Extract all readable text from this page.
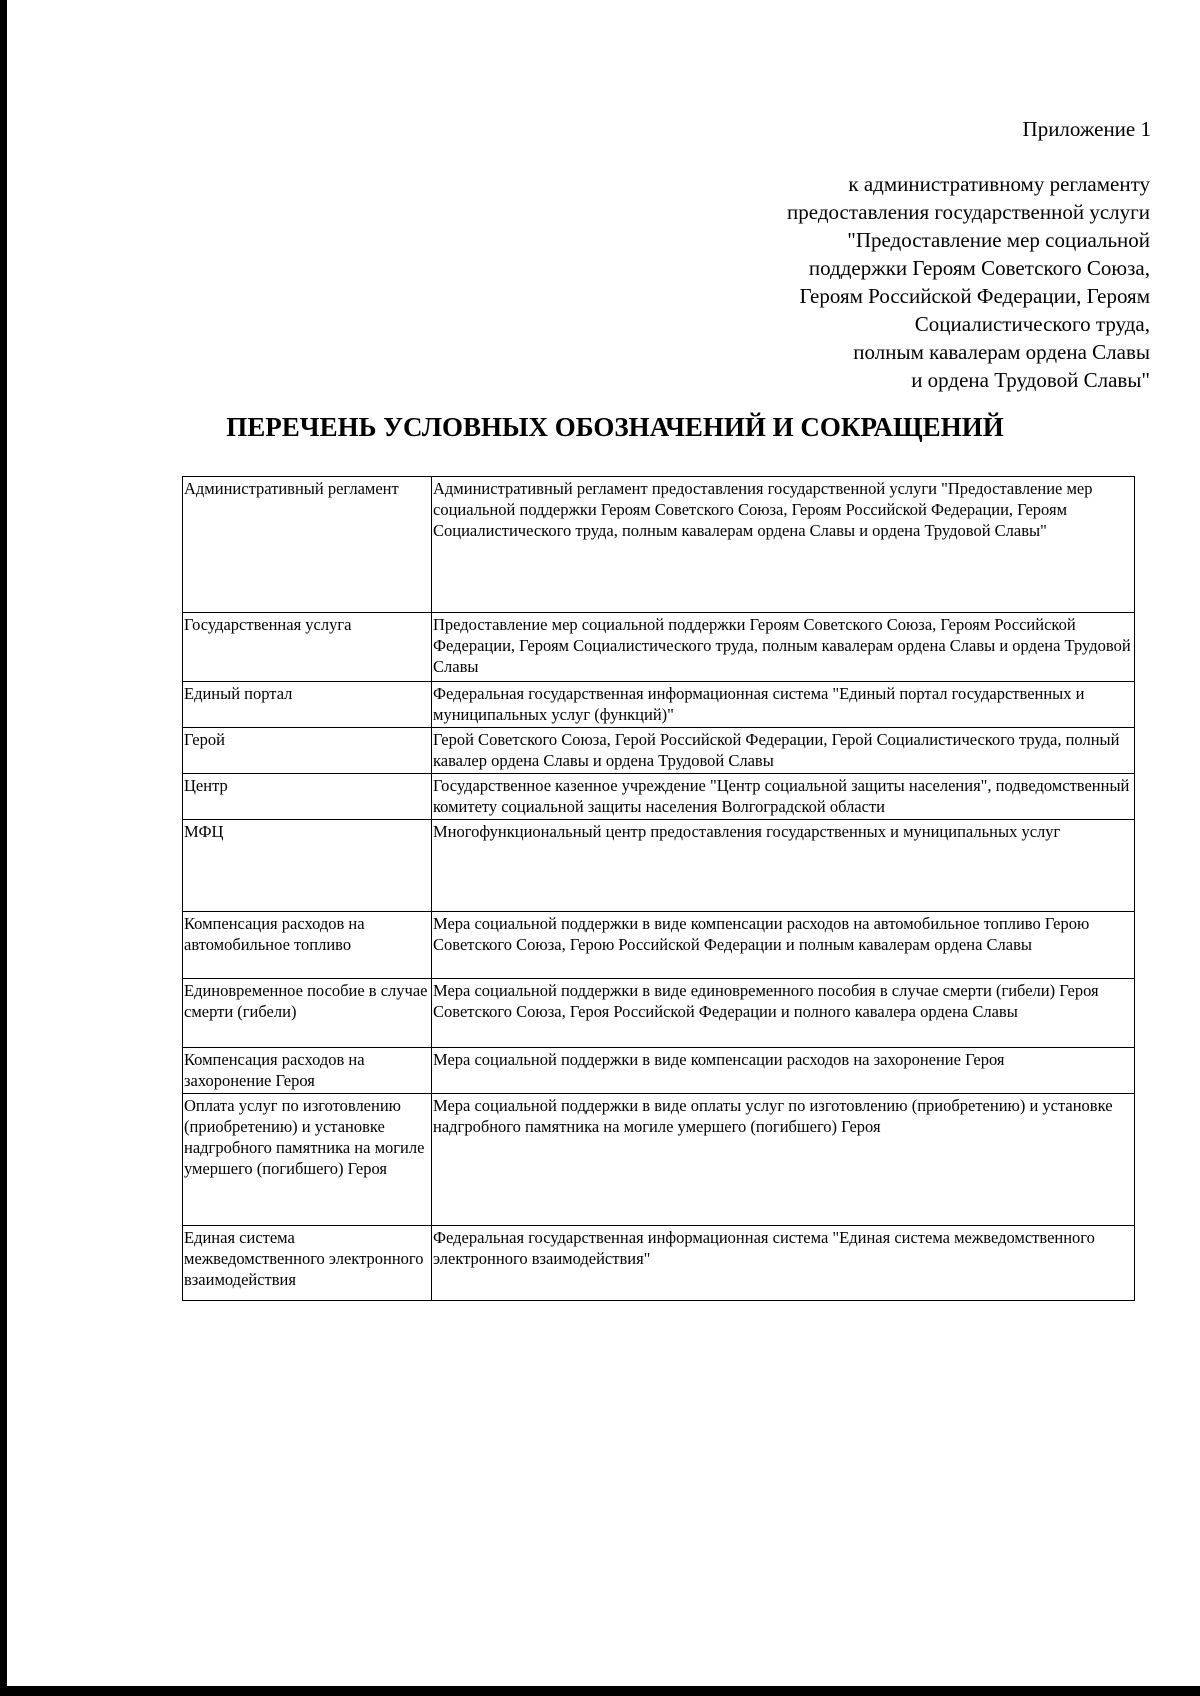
Приложение 1
к административному регламенту
предоставления государственной услуги
"Предоставление мер социальной
поддержки Героям Советского Союза,
Героям Российской Федерации, Героям
Социалистического труда,
полным кавалерам ордена Славы
и ордена Трудовой Славы"
ПЕРЕЧЕНЬ УСЛОВНЫХ ОБОЗНАЧЕНИЙ И СОКРАЩЕНИЙ
Административный регламент	Административный регламент предоставления государственной услуги "Предоставление мер социальной поддержки Героям Советского Союза, Героям Российской Федерации, Героям Социалистического труда, полным кавалерам ордена Славы и ордена Трудовой Славы"
Государственная услуга	Предоставление мер социальной поддержки Героям Советского Союза, Героям Российской Федерации, Героям Социалистического труда, полным кавалерам ордена Славы и ордена Трудовой Славы
Единый портал	Федеральная государственная информационная система "Единый портал государственных и муниципальных услуг (функций)"
Герой	Герой Советского Союза, Герой Российской Федерации, Герой Социалистического труда, полный кавалер ордена Славы и ордена Трудовой Славы
Центр	Государственное казенное учреждение "Центр социальной защиты населения", подведомственный комитету социальной защиты населения Волгоградской области
МФЦ	Многофункциональный центр предоставления государственных и муниципальных услуг
Компенсация расходов на автомобильное топливо	Мера социальной поддержки в виде компенсации расходов на автомобильное топливо Герою Советского Союза, Герою Российской Федерации и полным кавалерам ордена Славы
Единовременное пособие в случае смерти (гибели)	Мера социальной поддержки в виде единовременного пособия в случае смерти (гибели) Героя Советского Союза, Героя Российской Федерации и полного кавалера ордена Славы
Компенсация расходов на захоронение Героя	Мера социальной поддержки в виде компенсации расходов на захоронение Героя
Оплата услуг по изготовлению (приобретению) и установке надгробного памятника на могиле умершего (погибшего) Героя	Мера социальной поддержки в виде оплаты услуг по изготовлению (приобретению) и установке надгробного памятника на могиле умершего (погибшего) Героя
Единая система межведомственного электронного взаимодействия	Федеральная государственная информационная система "Единая система межведомственного электронного взаимодействия"
